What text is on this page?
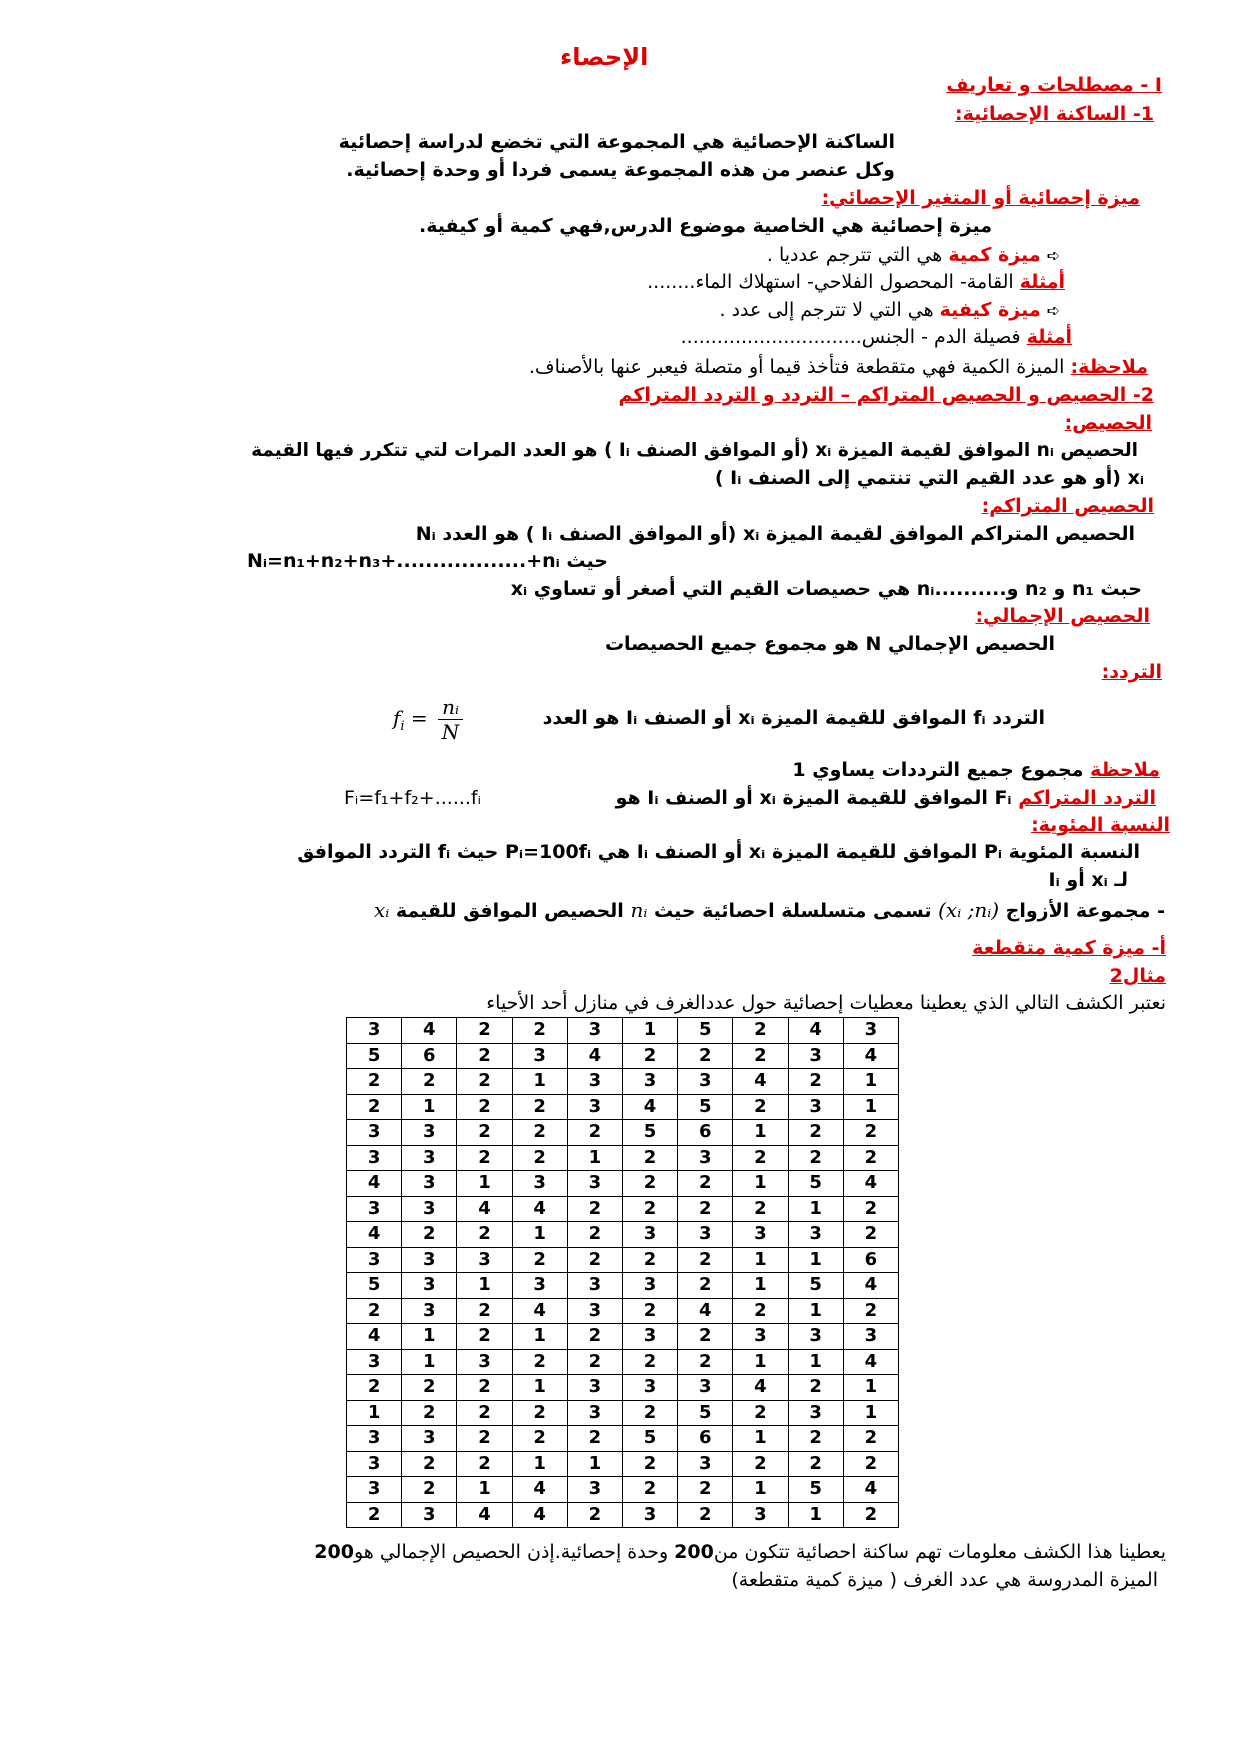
الإحصاء
I - مصطلحات و تعاريف
1- الساكنة الإحصائية:
الساكنة الإحصائية هي المجموعة التي تخضع لدراسة إحصائية
وكل عنصر من هذه المجموعة يسمى فردا أو وحدة إحصائية.
ميزة إحصائية أو المتغير الإحصائي:
ميزة إحصائية هي الخاصية موضوع الدرس,فهي كمية أو كيفية.
➪ميزة كمية هي التي تترجم عدديا .
أمثلة القامة- المحصول الفلاحي- استهلاك الماء........
➪ميزة كيفية هي التي لا تترجم إلى عدد .
أمثلة فصيلة الدم - الجنس..............................
ملاحظة: الميزة الكمية فهي متقطعة فتأخذ قيما أو متصلة فيعبر عنها بالأصناف.
2- الحصيص و الحصيص المتراكم – التردد و التردد المتراكم
الحصيص:
الحصيص nᵢ الموافق لقيمة الميزة xᵢ (أو الموافق الصنف Iᵢ ) هو العدد المرات لتي تتكرر فيها القيمة
xᵢ (أو هو عدد القيم التي تنتمي إلى الصنف Iᵢ )
الحصيص المتراكم:
الحصيص المتراكم الموافق لقيمة الميزة xᵢ (أو الموافق الصنف Iᵢ ) هو العدد Nᵢ
حيث Nᵢ=n₁+n₂+n₃+..................+nᵢ
حبث n₁ و n₂ و..........nᵢ هي حصيصات القيم التي أصغر أو تساوي xᵢ
الحصيص الإجمالي:
الحصيص الإجمالي N هو مجموع جميع الحصيصات
التردد:
التردد fᵢ الموافق للقيمة الميزة xᵢ أو الصنف Iᵢ هو العدد
$f_i = \frac{\text{nᵢ}}{N}$
ملاحظة مجموع جميع الترددات يساوي 1
التردد المتراكم Fᵢ الموافق للقيمة الميزة xᵢ أو الصنف Iᵢ هو
Fᵢ=f₁+f₂+......fᵢ
النسبة المئوية:
النسبة المئوية Pᵢ الموافق للقيمة الميزة xᵢ أو الصنف Iᵢ هي Pᵢ=100fᵢ حيث fᵢ التردد الموافق
لـ xᵢ أو Iᵢ
- مجموعة الأزواج (xᵢ ;nᵢ) تسمى متسلسلة احصائية حيث nᵢ الحصيص الموافق للقيمة xᵢ
أ- ميزة كمية متقطعة
مثال2
نعتبر الكشف التالي الذي يعطينا معطيات إحصائية حول عددالغرف في منازل أحد الأحياء
3	4	2	2	3	1	5	2	4	3
5	6	2	3	4	2	2	2	3	4
2	2	2	1	3	3	3	4	2	1
2	1	2	2	3	4	5	2	3	1
3	3	2	2	2	5	6	1	2	2
3	3	2	2	1	2	3	2	2	2
4	3	1	3	3	2	2	1	5	4
3	3	4	4	2	2	2	2	1	2
4	2	2	1	2	3	3	3	3	2
3	3	3	2	2	2	2	1	1	6
5	3	1	3	3	3	2	1	5	4
2	3	2	4	3	2	4	2	1	2
4	1	2	1	2	3	2	3	3	3
3	1	3	2	2	2	2	1	1	4
2	2	2	1	3	3	3	4	2	1
1	2	2	2	3	2	5	2	3	1
3	3	2	2	2	5	6	1	2	2
3	2	2	1	1	2	3	2	2	2
3	2	1	4	3	2	2	1	5	4
2	3	4	4	2	3	2	3	1	2
يعطينا هذا الكشف معلومات تهم ساكنة احصائية تتكون من200 وحدة إحصائية.إذن الحصيص الإجمالي هو200
الميزة المدروسة هي عدد الغرف ( ميزة كمية متقطعة)
